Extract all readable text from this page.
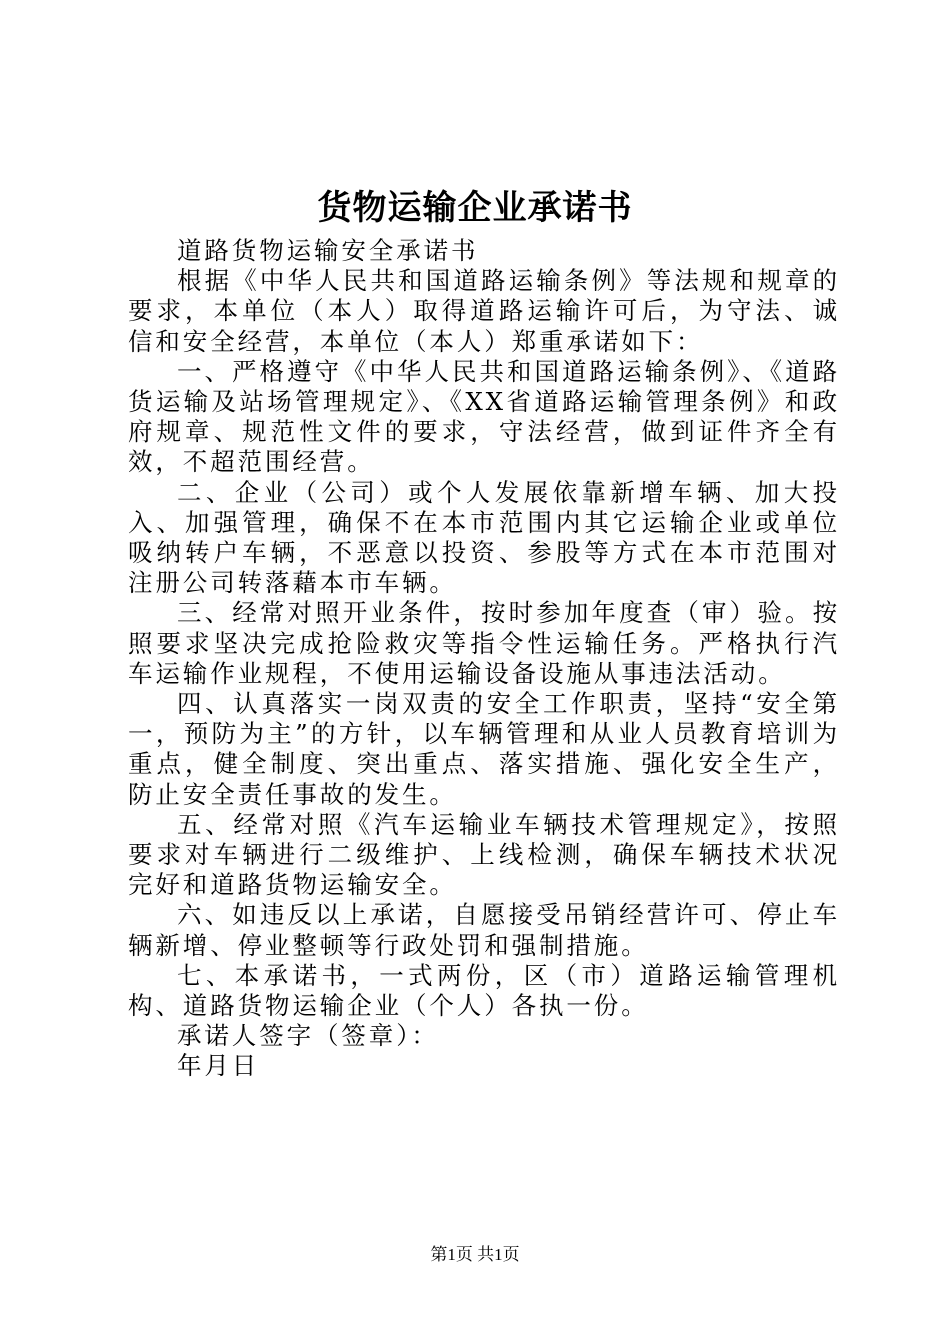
货物运输企业承诺书

道路货物运输安全承诺书

根据《中华人民共和国道路运输条例》等法规和规章的要求，本单位（本人）取得道路运输许可后，为守法、诚信和安全经营，本单位（本人）郑重承诺如下：

一、严格遵守《中华人民共和国道路运输条例》、《道路货运输及站场管理规定》、《XX省道路运输管理条例》和政府规章、规范性文件的要求，守法经营，做到证件齐全有效，不超范围经营。

二、企业（公司）或个人发展依靠新增车辆、加大投入、加强管理，确保不在本市范围内其它运输企业或单位吸纳转户车辆，不恶意以投资、参股等方式在本市范围对注册公司转落藉本市车辆。

三、经常对照开业条件，按时参加年度查（审）验。按照要求坚决完成抢险救灾等指令性运输任务。严格执行汽车运输作业规程，不使用运输设备设施从事违法活动。

四、认真落实一岗双责的安全工作职责，坚持“安全第一，预防为主”的方针，以车辆管理和从业人员教育培训为重点，健全制度、突出重点、落实措施、强化安全生产，防止安全责任事故的发生。

五、经常对照《汽车运输业车辆技术管理规定》，按照要求对车辆进行二级维护、上线检测，确保车辆技术状况完好和道路货物运输安全。

六、如违反以上承诺，自愿接受吊销经营许可、停止车辆新增、停业整顿等行政处罚和强制措施。

七、本承诺书，一式两份，区（市）道路运输管理机构、道路货物运输企业（个人）各执一份。

承诺人签字（签章）：

年月日

第1页 共1页
